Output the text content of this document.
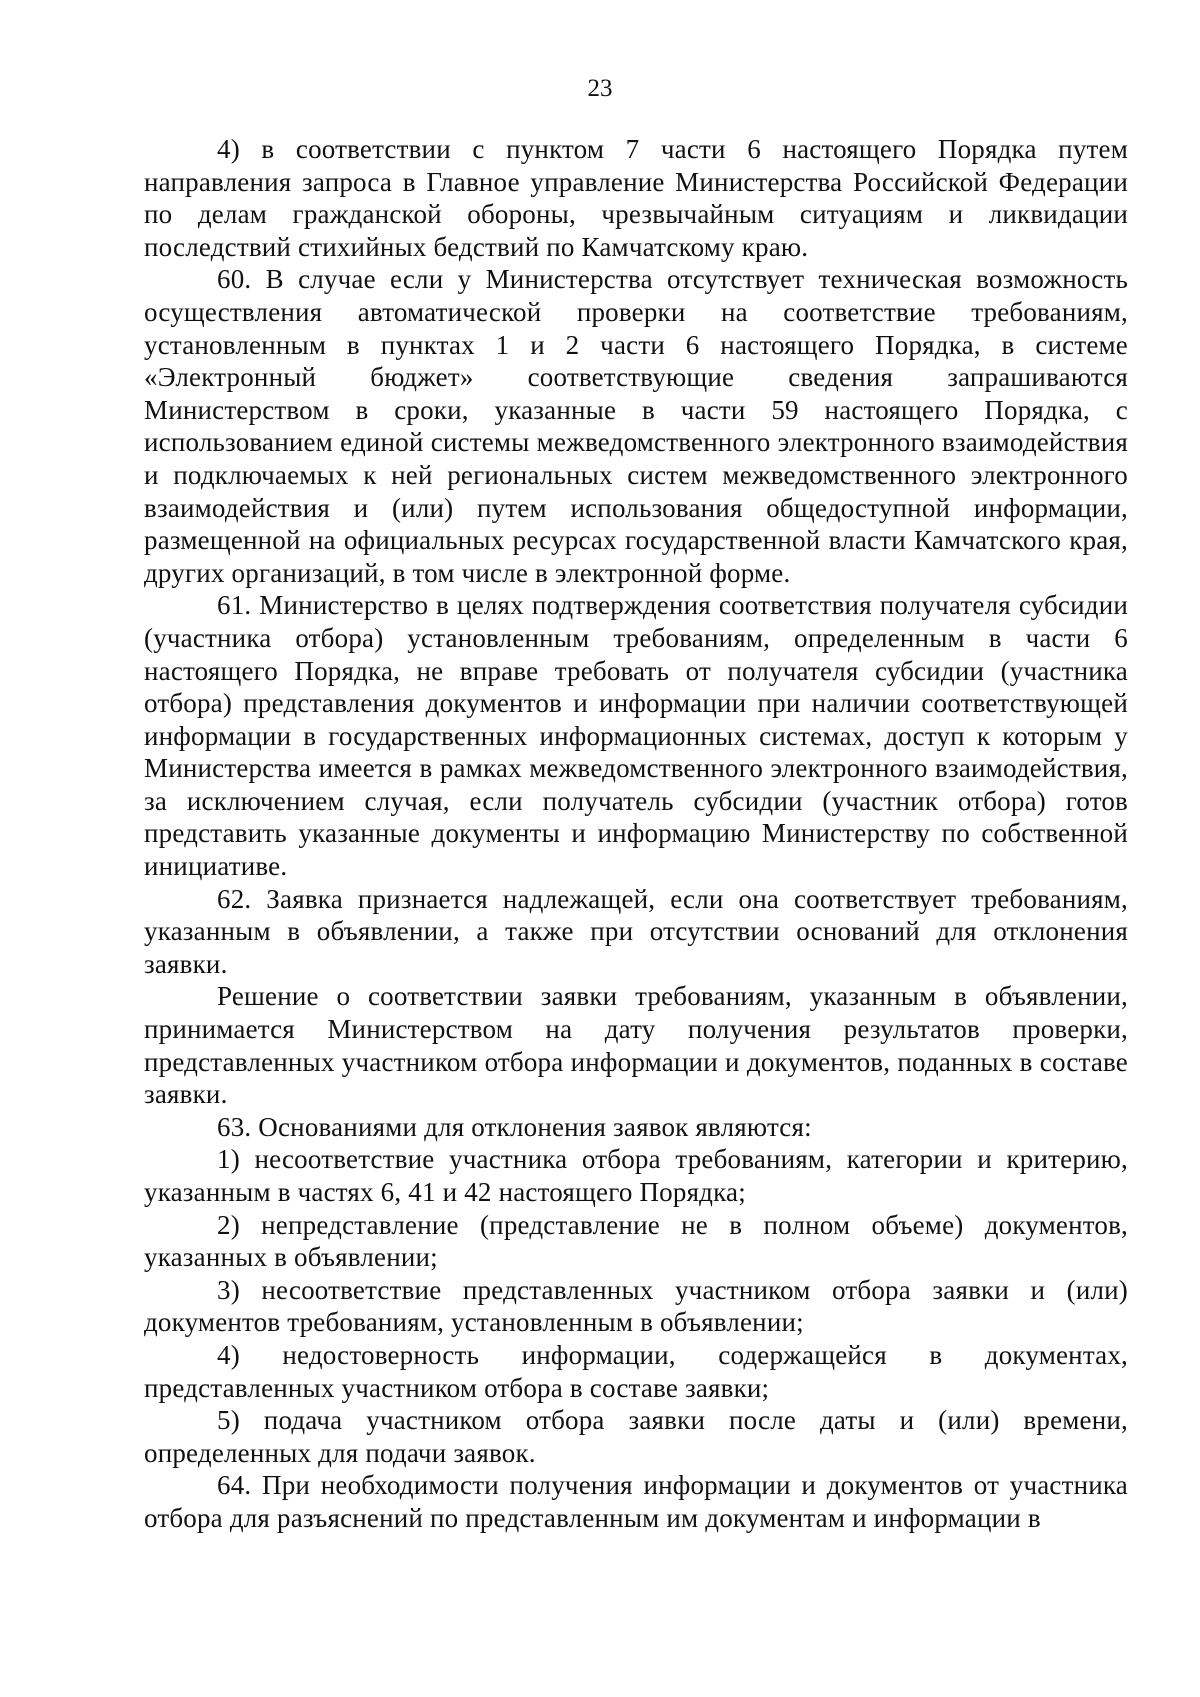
23

4) в соответствии с пунктом 7 части 6 настоящего Порядка путем направления запроса в Главное управление Министерства Российской Федерации по делам гражданской обороны, чрезвычайным ситуациям и ликвидации последствий стихийных бедствий по Камчатскому краю.

60. В случае если у Министерства отсутствует техническая возможность осуществления автоматической проверки на соответствие требованиям, установленным в пунктах 1 и 2 части 6 настоящего Порядка, в системе «Электронный бюджет» соответствующие сведения запрашиваются Министерством в сроки, указанные в части 59 настоящего Порядка, с использованием единой системы межведомственного электронного взаимодействия и подключаемых к ней региональных систем межведомственного электронного взаимодействия и (или) путем использования общедоступной информации, размещенной на официальных ресурсах государственной власти Камчатского края, других организаций, в том числе в электронной форме.

61. Министерство в целях подтверждения соответствия получателя субсидии (участника отбора) установленным требованиям, определенным в части 6 настоящего Порядка, не вправе требовать от получателя субсидии (участника отбора) представления документов и информации при наличии соответствующей информации в государственных информационных системах, доступ к которым у Министерства имеется в рамках межведомственного электронного взаимодействия, за исключением случая, если получатель субсидии (участник отбора) готов представить указанные документы и информацию Министерству по собственной инициативе.

62. Заявка признается надлежащей, если она соответствует требованиям, указанным в объявлении, а также при отсутствии оснований для отклонения заявки.

Решение о соответствии заявки требованиям, указанным в объявлении, принимается Министерством на дату получения результатов проверки, представленных участником отбора информации и документов, поданных в составе заявки.

63. Основаниями для отклонения заявок являются:

1) несоответствие участника отбора требованиям, категории и критерию, указанным в частях 6, 41 и 42 настоящего Порядка;

2) непредставление (представление не в полном объеме) документов, указанных в объявлении;

3) несоответствие представленных участником отбора заявки и (или) документов требованиям, установленным в объявлении;

4) недостоверность информации, содержащейся в документах, представленных участником отбора в составе заявки;

5) подача участником отбора заявки после даты и (или) времени, определенных для подачи заявок.

64. При необходимости получения информации и документов от участника отбора для разъяснений по представленным им документам и информации в
